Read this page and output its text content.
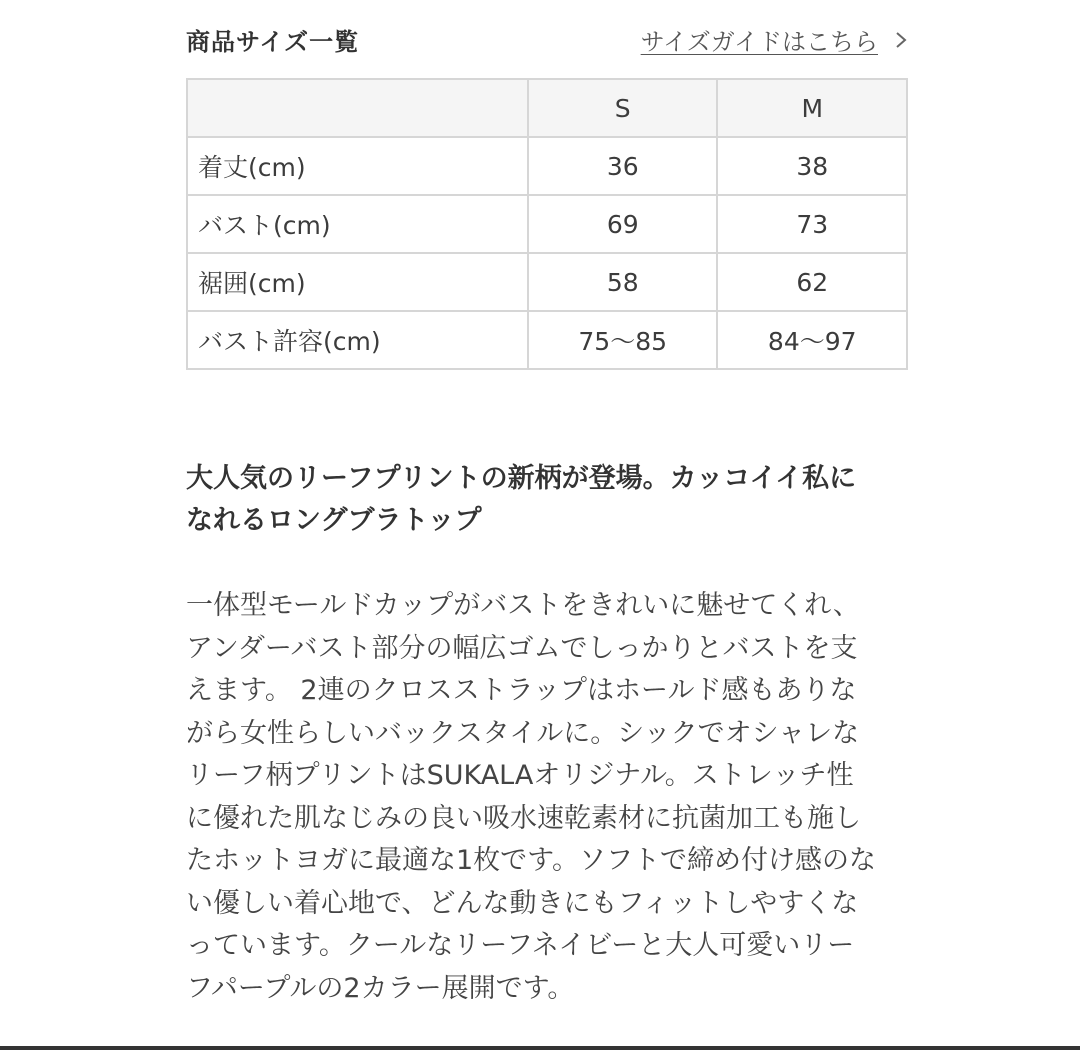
商品サイズ一覧	サイズガイドはこちら
	S	M
着丈(cm)	36	38
バスト(cm)	69	73
裾囲(cm)	58	62
バスト許容(cm)	75〜85	84〜97
大人気のリーフプリントの新柄が登場。カッコイイ私に
なれるロングブラトップ

一体型モールドカップがバストをきれいに魅せてくれ、
アンダーバスト部分の幅広ゴムでしっかりとバストを支
えます。 2連のクロスストラップはホールド感もありな
がら女性らしいバックスタイルに。シックでオシャレな
リーフ柄プリントはSUKALAオリジナル。ストレッチ性
に優れた肌なじみの良い吸水速乾素材に抗菌加工も施し
たホットヨガに最適な1枚です。ソフトで締め付け感のな
い優しい着心地で、どんな動きにもフィットしやすくな
っています。クールなリーフネイビーと大人可愛いリー
フパープルの2カラー展開です。
